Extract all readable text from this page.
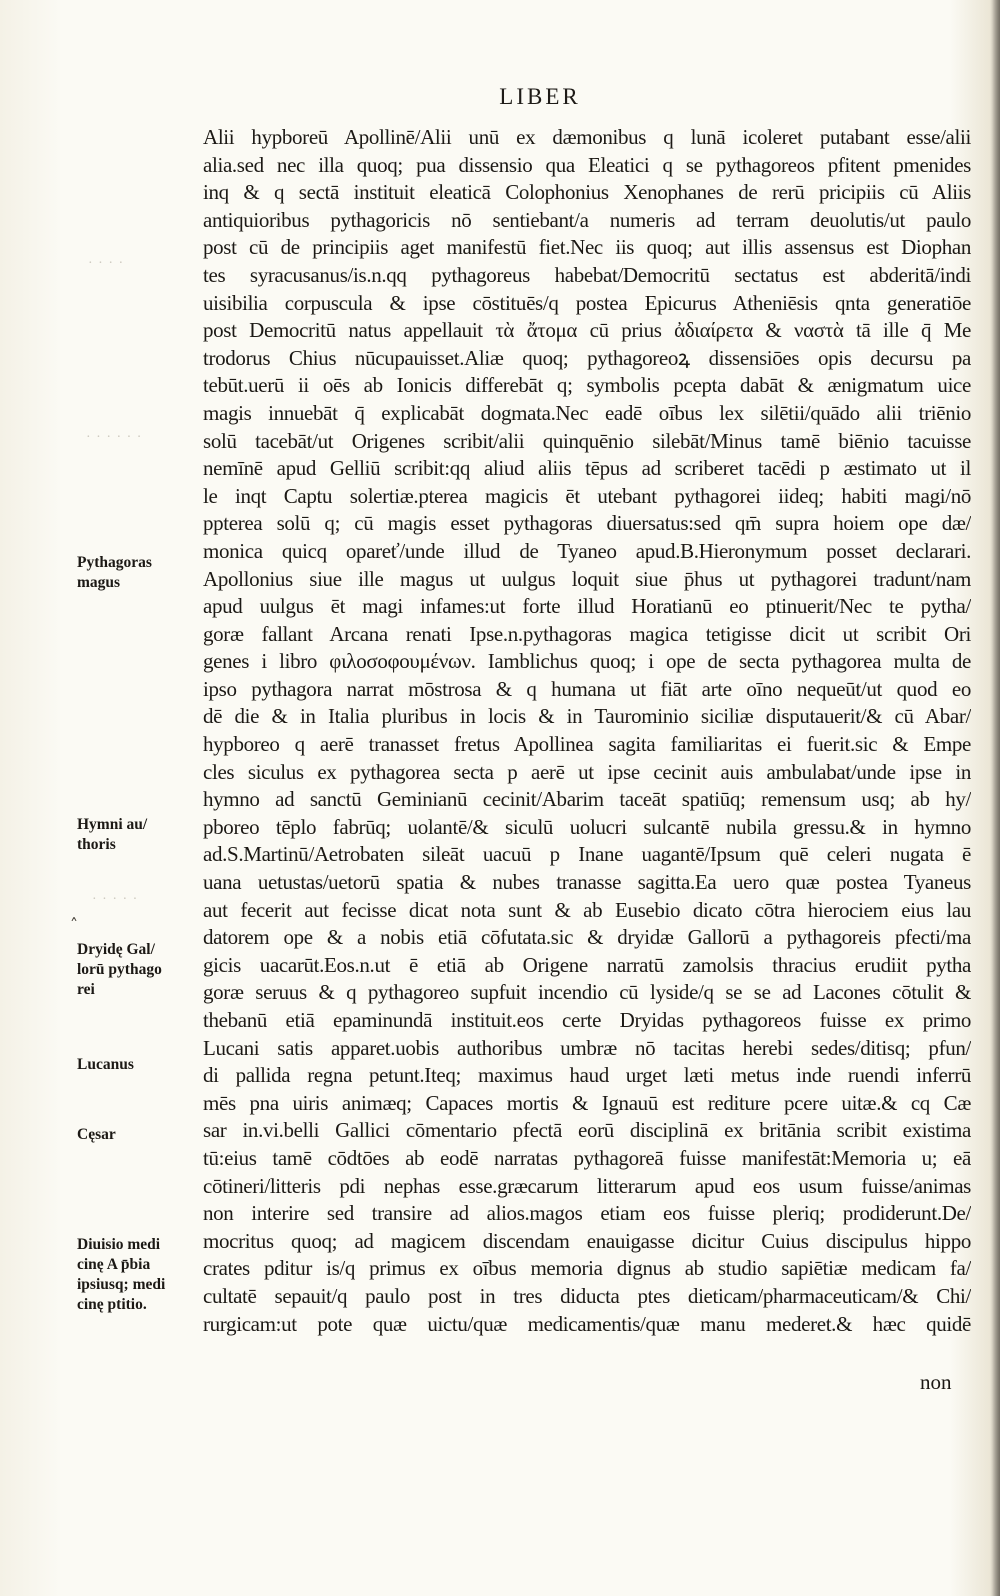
LIBER
Alii hypboreū Apollinē/Alii unū ex dæmonibus q lunā icoleret putabant esse/alii
alia.sed nec illa quoq; pua dissensio qua Eleatici q se pythagoreos pfitent pmenides
inq & q sectā instituit eleaticā Colophonius Xenophanes de rerū pricipiis cū Aliis
antiquioribus pythagoricis nō sentiebant/a numeris ad terram deuolutis/ut paulo
post cū de principiis aget manifestū fiet.Nec iis quoq; aut illis assensus est Diophan
tes syracusanus/is.n.qq pythagoreus habebat/Democritū sectatus est abderitā/indi
uisibilia corpuscula & ipse cōstituēs/q postea Epicurus Atheniēsis qnta generatiōe
post Democritū natus appellauit τὰ ἄτομα cū prius ἀδιαίρετα & ναστὰ tā ille q̄ Me
trodorus Chius nūcupauisset.Aliæ quoq; pythagoreoꝝ dissensiōes opis decursu pa
tebūt.uerū ii oēs ab Ionicis differebāt q; symbolis pcepta dabāt & ænigmatum uice
magis innuebāt q̄ explicabāt dogmata.Nec eadē oībus lex silētii/quādo alii triēnio
solū tacebāt/ut Origenes scribit/alii quinquēnio silebāt/Minus tamē biēnio tacuisse
nemīnē apud Gelliū scribit:qq aliud aliis tēpus ad scriberet tacēdi p æstimato ut il
le inqt Captu solertiæ.pterea magicis ēt utebant pythagorei iideq; habiti magi/nō
ppterea solū q; cū magis esset pythagoras diuersatus:sed qm̄ supra hoiem ope dæ/
monica quicq opareť/unde illud de Tyaneo apud.B.Hieronymum posset declarari.
Apollonius siue ille magus ut uulgus loquit siue p̄hus ut pythagorei tradunt/nam
apud uulgus ēt magi infames:ut forte illud Horatianū eo ptinuerit/Nec te pytha/
goræ fallant Arcana renati Ipse.n.pythagoras magica tetigisse dicit ut scribit Ori
genes i libro φιλοσοφουμένων. Iamblichus quoq; i ope de secta pythagorea multa de
ipso pythagora narrat mōstrosa & q humana ut fiāt arte oīno nequeūt/ut quod eo
dē die & in Italia pluribus in locis & in Taurominio siciliæ disputauerit/& cū Abar/
hypboreo q aerē tranasset fretus Apollinea sagita familiaritas ei fuerit.sic & Empe
cles siculus ex pythagorea secta p aerē ut ipse cecinit auis ambulabat/unde ipse in
hymno ad sanctū Geminianū cecinit/Abarim taceāt spatiūq; remensum usq; ab hy/
pboreo tēplo fabrūq; uolantē/& siculū uolucri sulcantē nubila gressu.& in hymno
ad.S.Martinū/Aetrobaten sileāt uacuū p Inane uagantē/Ipsum quē celeri nugata ē
uana uetustas/uetorū spatia & nubes tranasse sagitta.Ea uero quæ postea Tyaneus
aut fecerit aut fecisse dicat nota sunt & ab Eusebio dicato cōtra hierociem eius lau
datorem ope & a nobis etiā cōfutata.sic & dryidæ Gallorū a pythagoreis pfecti/ma
gicis uacarūt.Eos.n.ut ē etiā ab Origene narratū zamolsis thracius erudiit pytha
goræ seruus & q pythagoreo supfuit incendio cū lyside/q se se ad Lacones cōtulit &
thebanū etiā epaminundā instituit.eos certe Dryidas pythagoreos fuisse ex primo
Lucani satis apparet.uobis authoribus umbræ nō tacitas herebi sedes/ditisq; pfun/
di pallida regna petunt.Iteq; maximus haud urget læti metus inde ruendi inferrū
mēs pna uiris animæq; Capaces mortis & Ignauū est rediture pcere uitæ.& cq Cæ
sar in.vi.belli Gallici cōmentario pfectā eorū disciplinā ex britānia scribit existima
tū:eius tamē cōdtōes ab eodē narratas pythagoreā fuisse manifestāt:Memoria u; eā
cōtineri/litteris pdi nephas esse.græcarum litterarum apud eos usum fuisse/animas
non interire sed transire ad alios.magos etiam eos fuisse pleriq; prodiderunt.De/
mocritus quoq; ad magicem discendam enauigasse dicitur Cuius discipulus hippo
crates pditur is/q primus ex oībus memoria dignus ab studio sapiētiæ medicam fa/
cultatē sepauit/q paulo post in tres diducta ptes dieticam/pharmaceuticam/& Chi/
rurgicam:ut pote quæ uictu/quæ medicamentis/quæ manu mederet.& hæc quidē
non
Pythagoras
magus
Hymni au/
thoris
Dryidę Gal/
lorū pythago
rei
Lucanus
Cęsar
Diuisio medi
cinę A p̄bia
ipsiusq; medi
cinę ptitio.
· · · ·
· · · · · ·
· · · · ·
˄
